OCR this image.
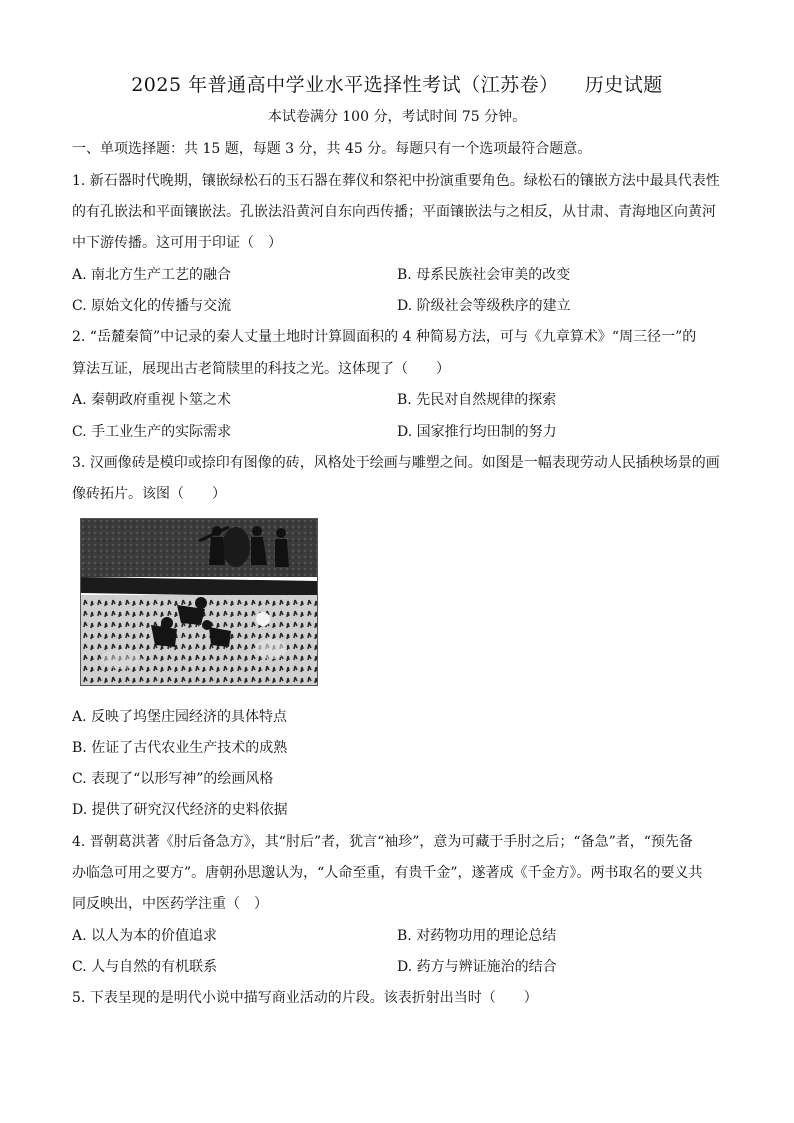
2025 年普通高中学业水平选择性考试（江苏卷）    历史试题
本试卷满分 100 分，考试时间 75 分钟。
一、单项选择题：共 15 题，每题 3 分，共 45 分。每题只有一个选项最符合题意。
1. 新石器时代晚期，镶嵌绿松石的玉石器在葬仪和祭祀中扮演重要角色。绿松石的镶嵌方法中最具代表性
的有孔嵌法和平面镶嵌法。孔嵌法沿黄河自东向西传播；平面镶嵌法与之相反，从甘肃、青海地区向黄河
中下游传播。这可用于印证（　）
A. 南北方生产工艺的融合	B. 母系民族社会审美的改变
C. 原始文化的传播与交流	D. 阶级社会等级秩序的建立
2. “岳麓秦简”中记录的秦人丈量土地时计算圆面积的 4 种简易方法，可与《九章算术》“周三径一”的
算法互证，展现出古老简牍里的科技之光。这体现了（　　）
A. 秦朝政府重视卜筮之术	B. 先民对自然规律的探索
C. 手工业生产的实际需求	D. 国家推行均田制的努力
3. 汉画像砖是模印或捺印有图像的砖，风格处于绘画与雕塑之间。如图是一幅表现劳动人民插秧场景的画
像砖拓片。该图（　　）
A. 反映了坞堡庄园经济的具体特点
B. 佐证了古代农业生产技术的成熟
C. 表现了“以形写神”的绘画风格
D. 提供了研究汉代经济的史料依据
4. 晋朝葛洪著《肘后备急方》，其“肘后”者，犹言“袖珍”，意为可藏于手肘之后；“备急”者，“预先备
办临急可用之要方”。唐朝孙思邈认为，“人命至重，有贵千金”，遂著成《千金方》。两书取名的要义共
同反映出，中医药学注重（　）
A. 以人为本的价值追求	B. 对药物功用的理论总结
C. 人与自然的有机联系	D. 药方与辨证施治的结合
5. 下表呈现的是明代小说中描写商业活动的片段。该表折射出当时（　　）
